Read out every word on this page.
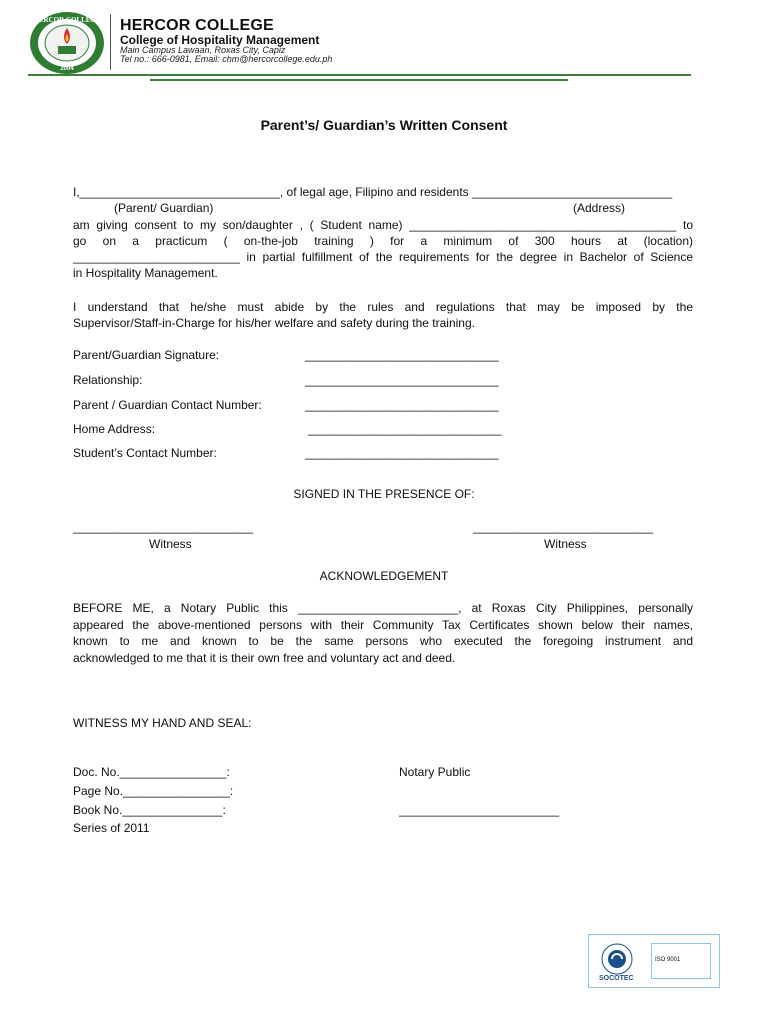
HERCOR COLLEGE
2004
HERCOR COLLEGE
College of Hospitality Management
Main Campus Lawaan, Roxas City, Capiz
Tel no.: 666-0981, Email: chm@hercorcollege.edu.ph
Parent’s/ Guardian’s Written Consent
I,______________________________, of legal age, Filipino and residents ______________________________
(Parent/ Guardian)	(Address)
am giving consent to my son/daughter , ( Student name) ________________________________________ to
go on a practicum ( on-the-job training ) for a minimum of 300 hours at (location)
_________________________ in partial fulfillment of the requirements for the degree in Bachelor of Science
in Hospitality Management.
I understand that he/she must abide by the rules and regulations that may be imposed by the
Supervisor/Staff-in-Charge for his/her welfare and safety during the training.
Parent/Guardian Signature:	_____________________________
Relationship:	_____________________________
Parent / Guardian Contact Number:	_____________________________
Home Address:	_____________________________
Student’s Contact Number:	_____________________________
SIGNED IN THE PRESENCE OF:
___________________________
Witness
___________________________
Witness
ACKNOWLEDGEMENT
BEFORE ME, a Notary Public this ________________________, at Roxas City Philippines, personally
appeared the above-mentioned persons with their Community Tax Certificates shown below their names,
known to me and known to be the same persons who executed the foregoing instrument and
acknowledged to me that it is their own free and voluntary act and deed.
WITNESS MY HAND AND SEAL:
Doc. No.________________:
Page No.________________:
Book No._______________:
Series of 2011
Notary Public
________________________
SOCOTEC
ISO 9001
